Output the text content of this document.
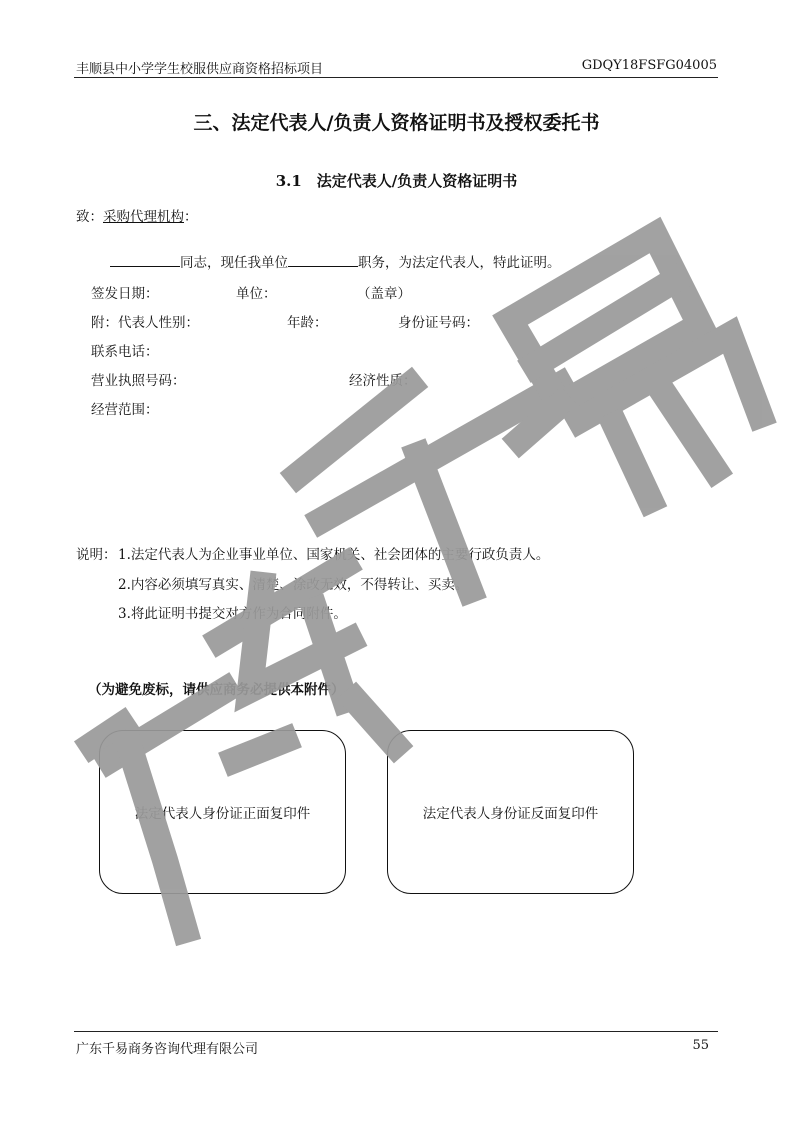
丰顺县中小学学生校服供应商资格招标项目	GDQY18FSFG04005
三、法定代表人/负责人资格证明书及授权委托书
3.1　法定代表人/负责人资格证明书
致：采购代理机构：
同志，现任我单位	职务，为法定代表人，特此证明。
签发日期：	单位：	（盖章）
附：代表人性别：	年龄：	身份证号码：
联系电话：
营业执照号码：	经济性质：
经营范围：
说明： 1.法定代表人为企业事业单位、国家机关、社会团体的主要行政负责人。
2.内容必须填写真实、清楚、涂改无效，不得转让、买卖。
3.将此证明书提交对方作为合同附件。
（为避免废标，请供应商务必提供本附件）
法定代表人身份证正面复印件	法定代表人身份证反面复印件
广东千易商务咨询代理有限公司	55
